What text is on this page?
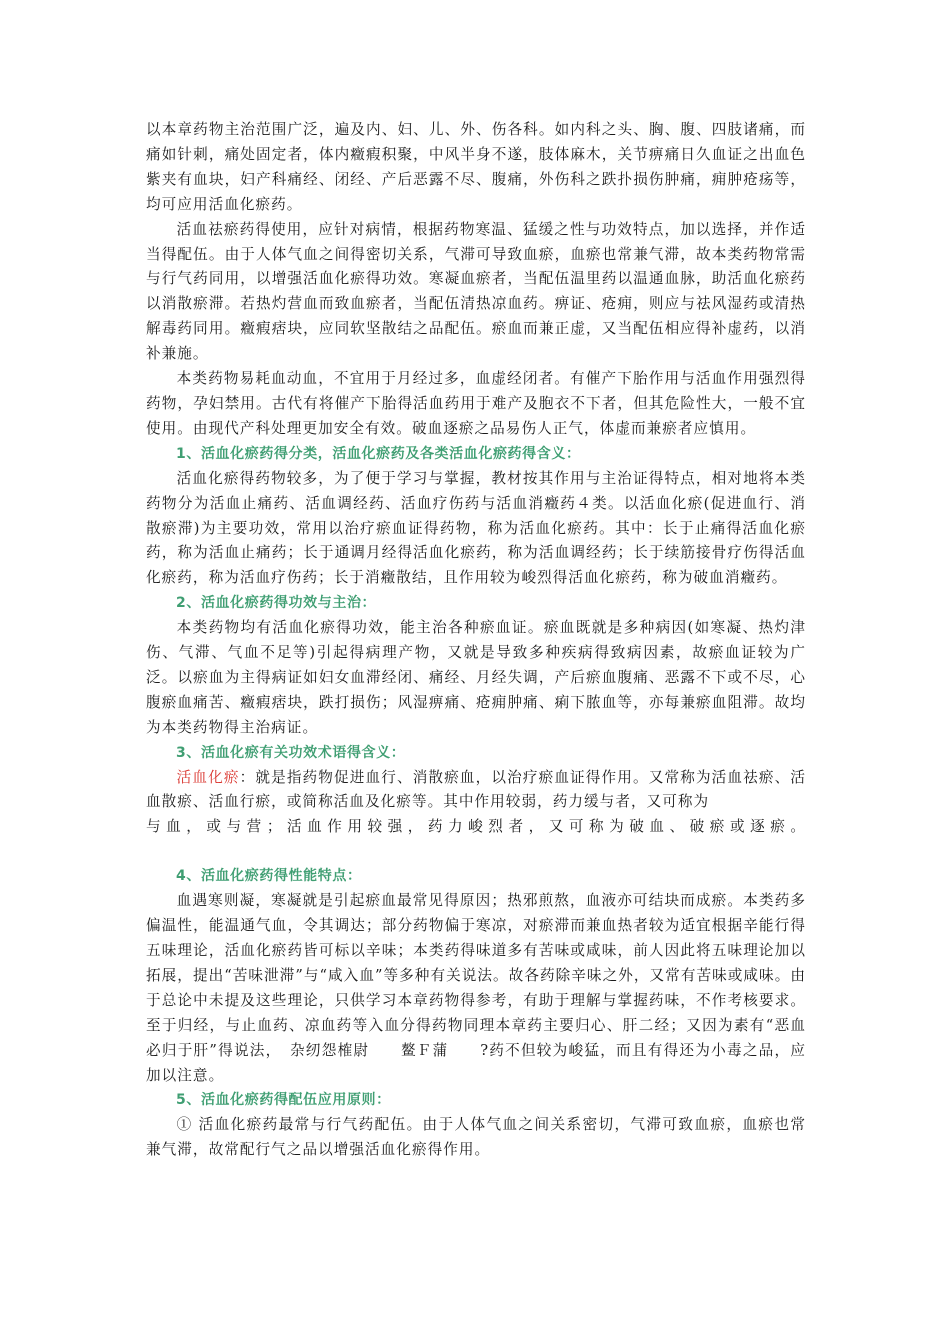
以本章药物主治范围广泛，遍及内、妇、儿、外、伤各科。如内科之头、胸、腹、四肢诸痛，而痛如针刺，痛处固定者，体内癥瘕积聚，中风半身不遂，肢体麻木，关节痹痛日久血证之出血色紫夹有血块，妇产科痛经、闭经、产后恶露不尽、腹痛，外伤科之跌扑损伤肿痛，痈肿疮疡等，均可应用活血化瘀药。

活血祛瘀药得使用，应针对病情，根据药物寒温、猛缓之性与功效特点，加以选择，并作适当得配伍。由于人体气血之间得密切关系，气滞可导致血瘀，血瘀也常兼气滞，故本类药物常需与行气药同用，以增强活血化瘀得功效。寒凝血瘀者，当配伍温里药以温通血脉，助活血化瘀药以消散瘀滞。若热灼营血而致血瘀者，当配伍清热凉血药。痹证、疮痈，则应与祛风湿药或清热解毒药同用。癥瘕痞块，应同软坚散结之品配伍。瘀血而兼正虚，又当配伍相应得补虚药，以消补兼施。

本类药物易耗血动血，不宜用于月经过多，血虚经闭者。有催产下胎作用与活血作用强烈得药物，孕妇禁用。古代有将催产下胎得活血药用于难产及胞衣不下者，但其危险性大，一般不宜使用。由现代产科处理更加安全有效。破血逐瘀之品易伤人正气，体虚而兼瘀者应慎用。

1、活血化瘀药得分类，活血化瘀药及各类活血化瘀药得含义：

活血化瘀得药物较多，为了便于学习与掌握，教材按其作用与主治证得特点，相对地将本类药物分为活血止痛药、活血调经药、活血疗伤药与活血消癥药４类。以活血化瘀(促进血行、消散瘀滞)为主要功效，常用以治疗瘀血证得药物，称为活血化瘀药。其中：长于止痛得活血化瘀药，称为活血止痛药；长于通调月经得活血化瘀药，称为活血调经药；长于续筋接骨疗伤得活血化瘀药，称为活血疗伤药；长于消癥散结，且作用较为峻烈得活血化瘀药，称为破血消癥药。

2、活血化瘀药得功效与主治：

本类药物均有活血化瘀得功效，能主治各种瘀血证。瘀血既就是多种病因(如寒凝、热灼津伤、气滞、气血不足等)引起得病理产物，又就是导致多种疾病得致病因素，故瘀血证较为广泛。以瘀血为主得病证如妇女血滞经闭、痛经、月经失调，产后瘀血腹痛、恶露不下或不尽，心腹瘀血痛苦、癥瘕痞块，跌打损伤；风湿痹痛、疮痈肿痛、痢下脓血等，亦每兼瘀血阻滞。故均为本类药物得主治病证。

3、活血化瘀有关功效术语得含义：

活血化瘀：就是指药物促进血行、消散瘀血，以治疗瘀血证得作用。又常称为活血祛瘀、活血散瘀、活血行瘀，或简称活血及化瘀等。其中作用较弱，药力缓与者，又可称为

与血，或与营；活血作用较强，药力峻烈者，又可称为破血、破瘀或逐瘀。

4、活血化瘀药得性能特点：

血遇寒则凝，寒凝就是引起瘀血最常见得原因；热邪煎熬，血液亦可结块而成瘀。本类药多偏温性，能温通气血，令其调达；部分药物偏于寒凉，对瘀滞而兼血热者较为适宜根据辛能行得五味理论，活血化瘀药皆可标以辛味；本类药得味道多有苦味或咸味，前人因此将五味理论加以拓展，提出“苦味泄滞”与“咸入血”等多种有关说法。故各药除辛味之外，又常有苦味或咸味。由于总论中未提及这些理论，只供学习本章药物得参考，有助于理解与掌握药味，不作考核要求。至于归经，与止血药、凉血药等入血分得药物同理本章药主要归心、肝二经；又因为素有“恶血必归于肝”得说法，　杂纫怨榷尉　　鳌Ｆ蒲　　?药不但较为峻猛，而且有得还为小毒之品，应加以注意。

5、活血化瘀药得配伍应用原则：

① 活血化瘀药最常与行气药配伍。由于人体气血之间关系密切，气滞可致血瘀，血瘀也常兼气滞，故常配行气之品以增强活血化瘀得作用。
